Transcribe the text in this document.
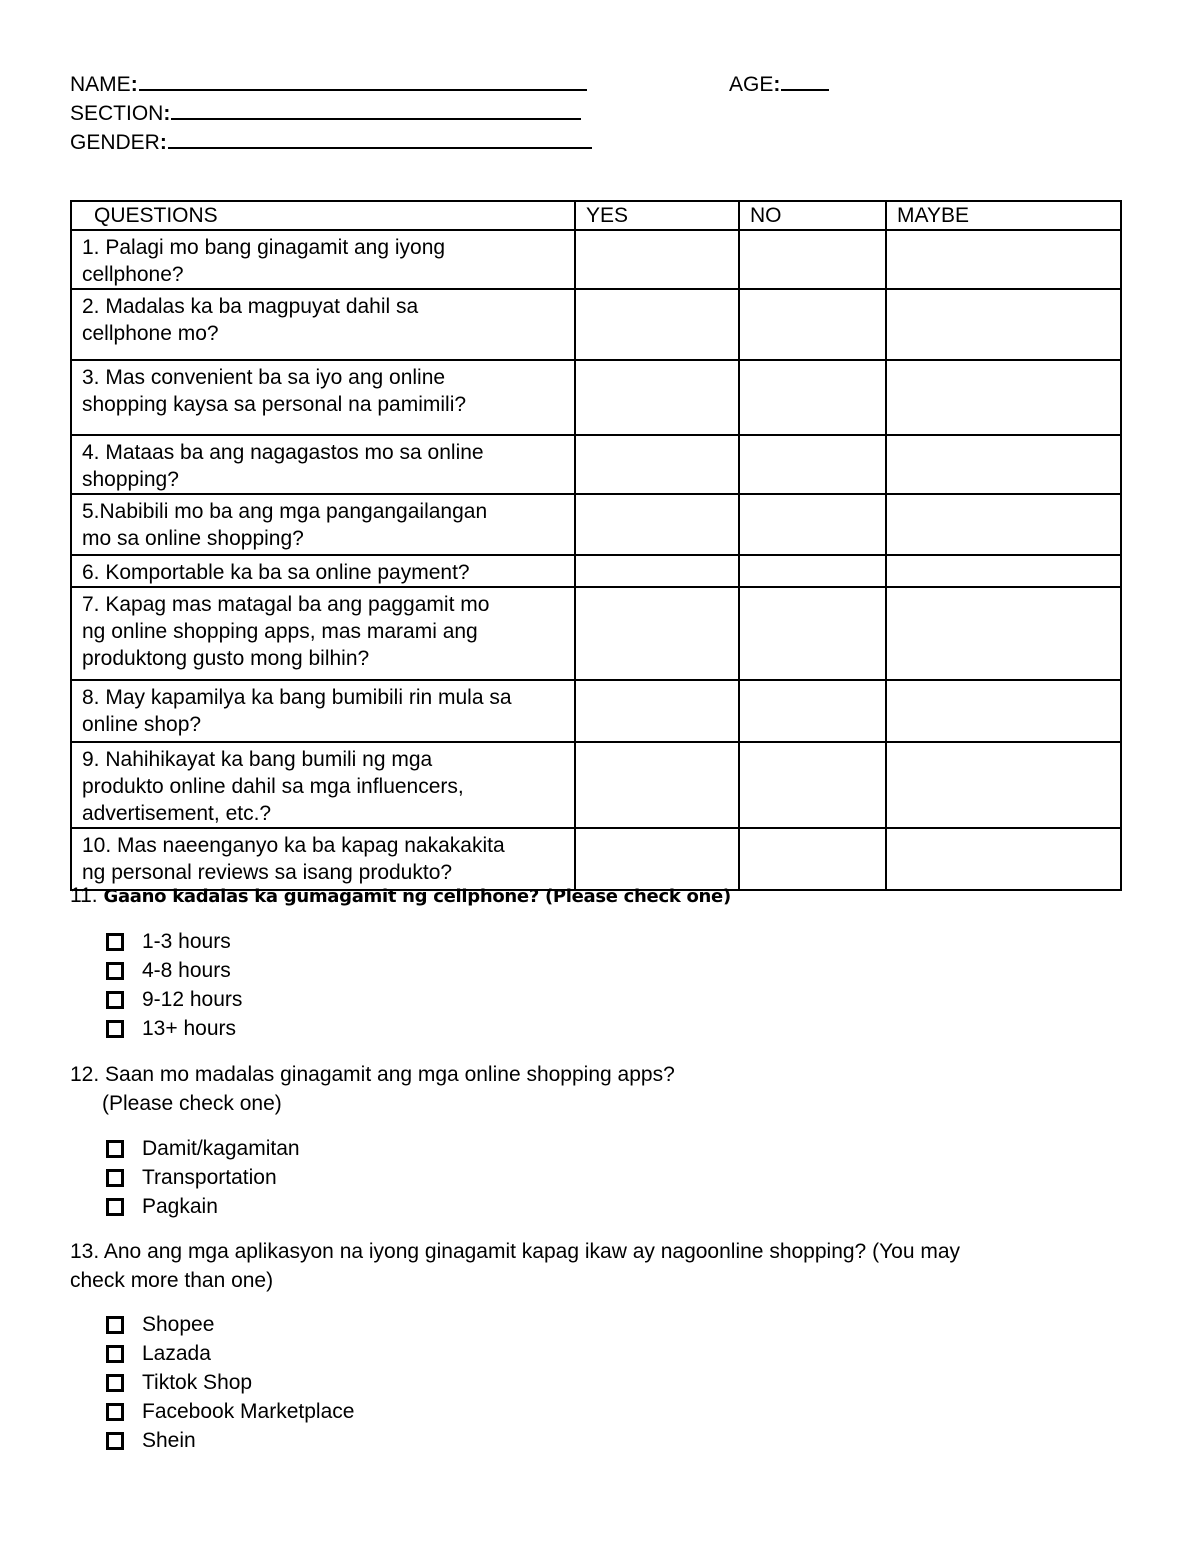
NAME:	AGE:
SECTION:
GENDER:
QUESTIONS	YES	NO	MAYBE

1. Palagi mo bang ginagamit ang iyong
cellphone?			

2. Madalas ka ba magpuyat dahil sa
cellphone mo?			

3. Mas convenient ba sa iyo ang online
shopping kaysa sa personal na pamimili?			

4. Mataas ba ang nagagastos mo sa online
shopping?			

5.Nabibili mo ba ang mga pangangailangan
mo sa online shopping?			

6. Komportable ka ba sa online payment?			

7. Kapag mas matagal ba ang paggamit mo
ng online shopping apps, mas marami ang
produktong gusto mong bilhin?			

8. May kapamilya ka bang bumibili rin mula sa
online shop?			

9. Nahihikayat ka bang bumili ng mga
produkto online dahil sa mga influencers,
advertisement, etc.?			

10. Mas naeenganyo ka ba kapag nakakakita
ng personal reviews sa isang produkto?			

11. Gaano kadalas ka gumagamit ng cellphone? (Please check one)
1-3 hours
4-8 hours
9-12 hours
13+ hours
12. Saan mo madalas ginagamit ang mga online shopping apps?
(Please check one)
Damit/kagamitan
Transportation
Pagkain
13. Ano ang mga aplikasyon na iyong ginagamit kapag ikaw ay nagoonline shopping? (You may
check more than one)
Shopee
Lazada
Tiktok Shop
Facebook Marketplace
Shein
